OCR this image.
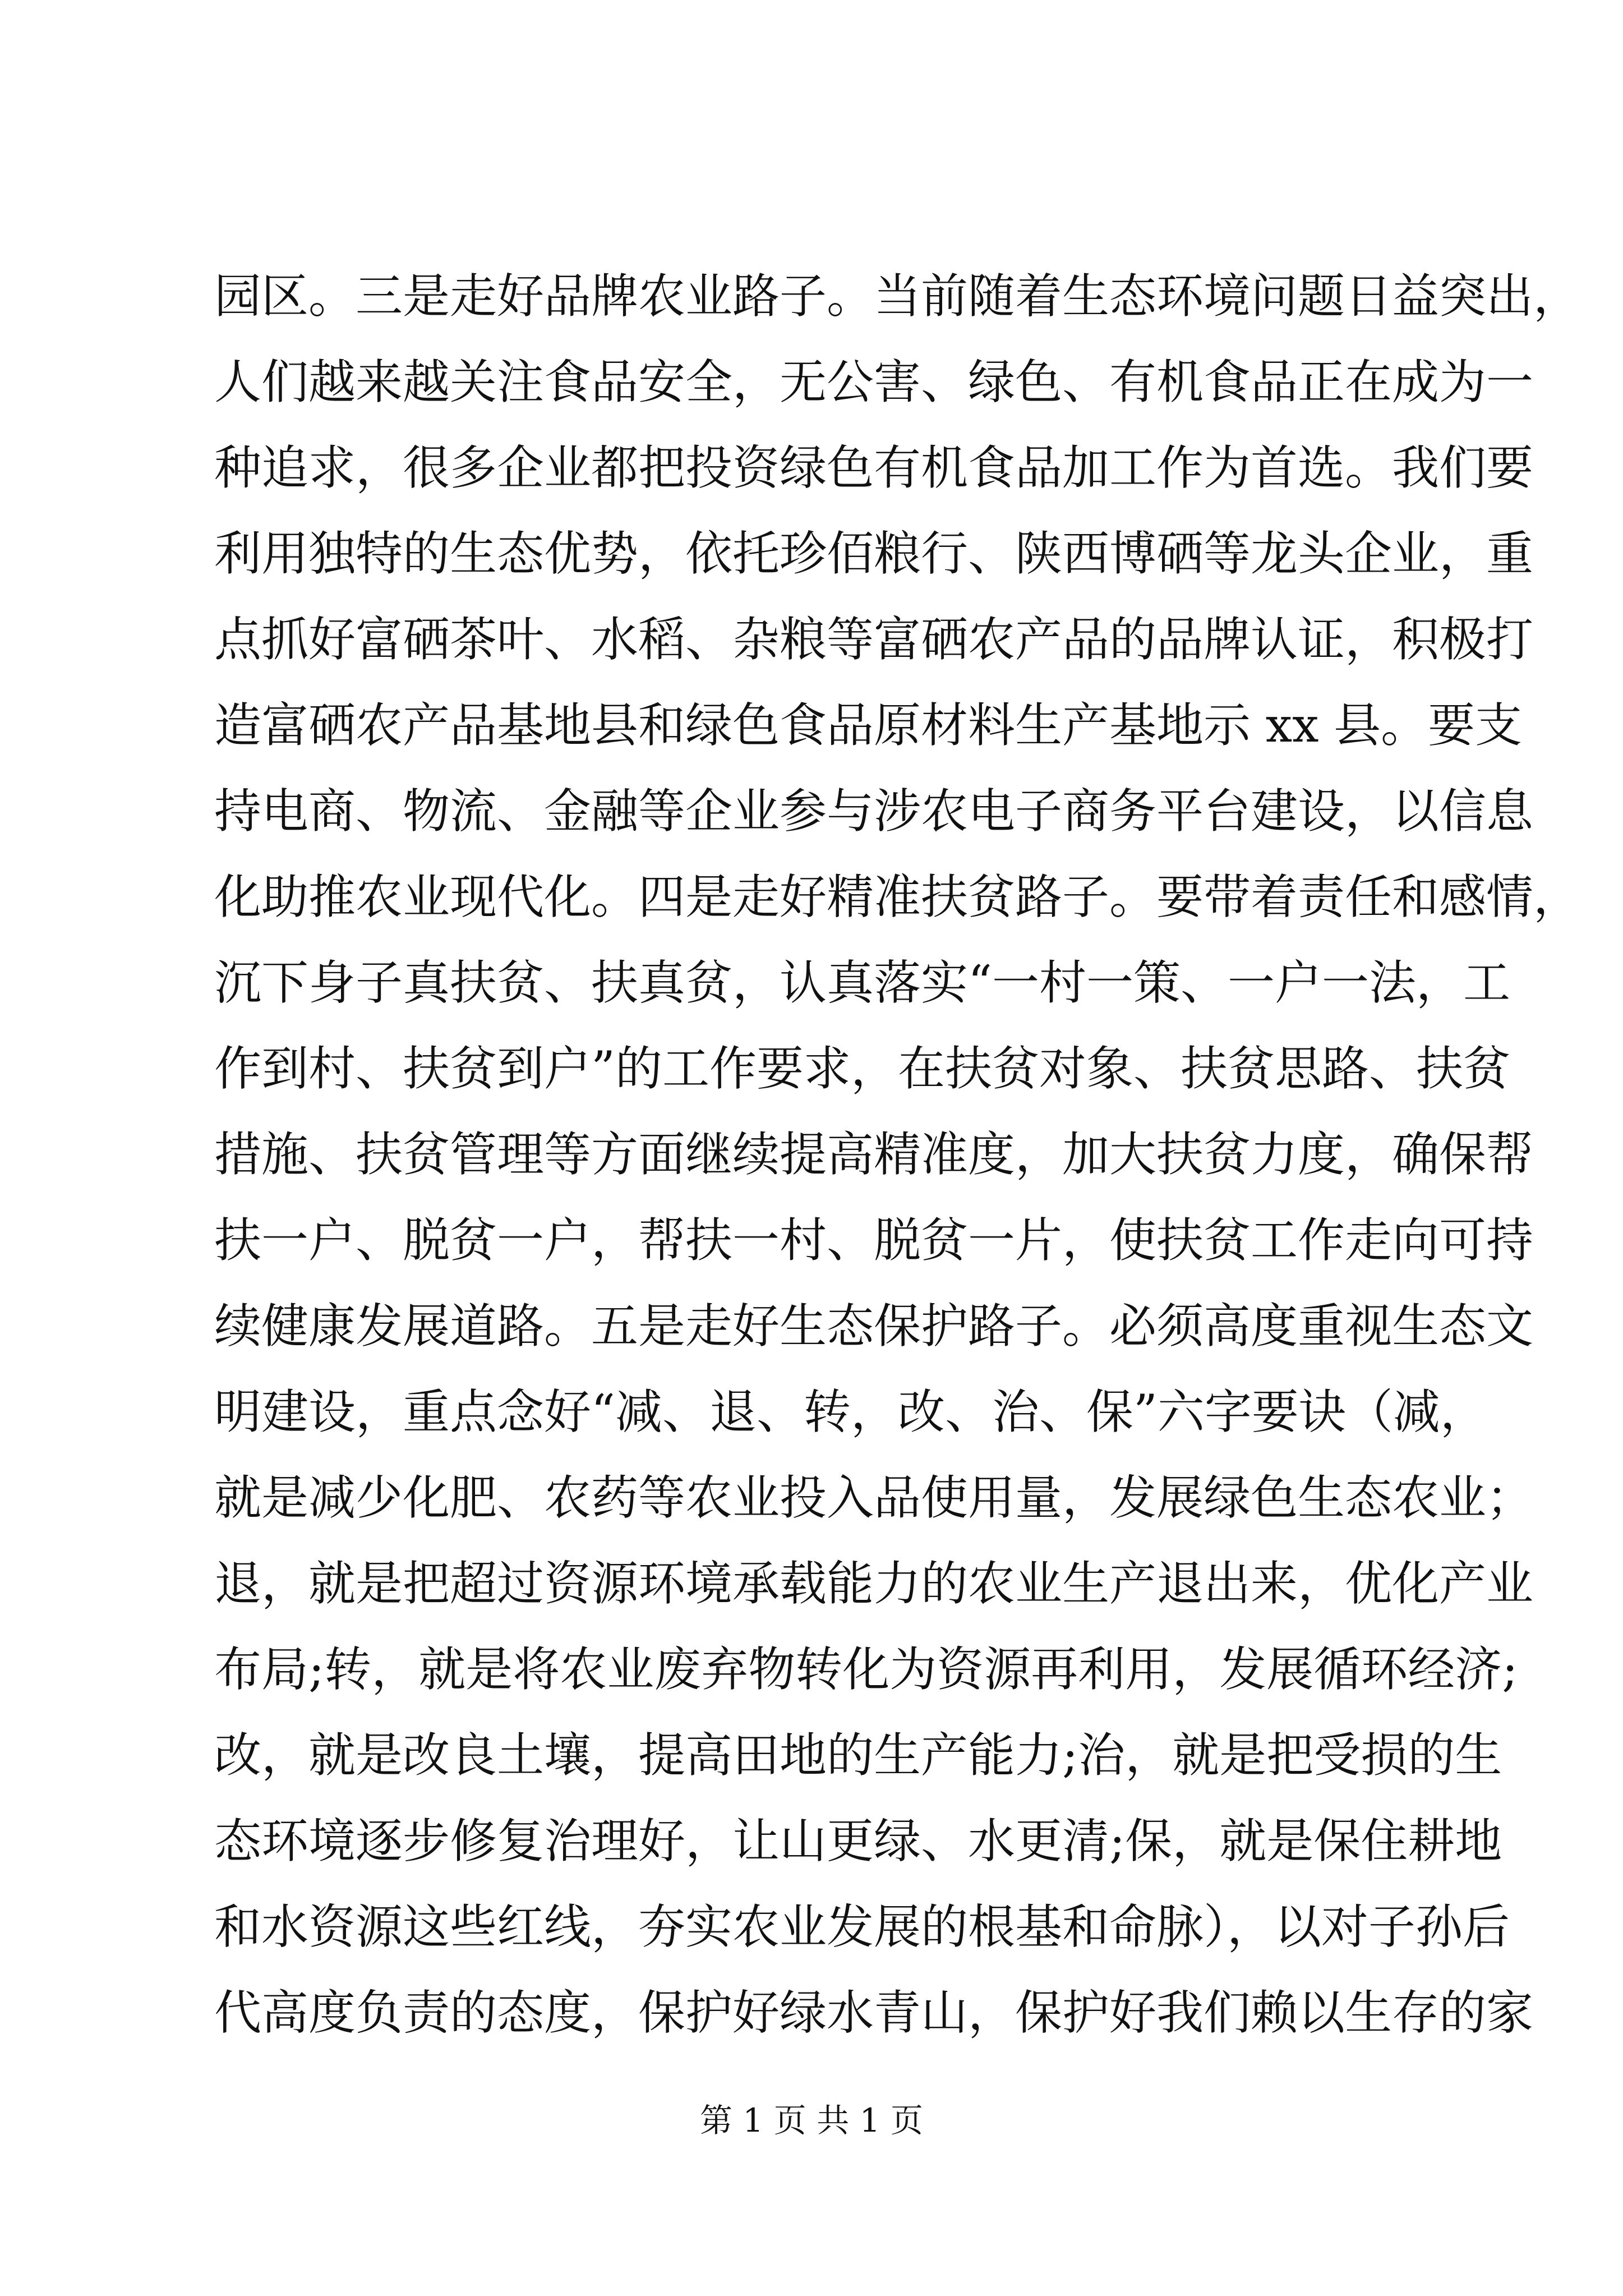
园区。三是走好品牌农业路子。当前随着生态环境问题日益突出，
人们越来越关注食品安全，无公害、绿色、有机食品正在成为一
种追求，很多企业都把投资绿色有机食品加工作为首选。我们要
利用独特的生态优势，依托珍佰粮行、陕西博硒等龙头企业，重
点抓好富硒茶叶、水稻、杂粮等富硒农产品的品牌认证，积极打
造富硒农产品基地县和绿色食品原材料生产基地示 xx 县。要支
持电商、物流、金融等企业参与涉农电子商务平台建设，以信息
化助推农业现代化。四是走好精准扶贫路子。要带着责任和感情，
沉下身子真扶贫、扶真贫，认真落实“一村一策、一户一法，工
作到村、扶贫到户”的工作要求，在扶贫对象、扶贫思路、扶贫
措施、扶贫管理等方面继续提高精准度，加大扶贫力度，确保帮
扶一户、脱贫一户，帮扶一村、脱贫一片，使扶贫工作走向可持
续健康发展道路。五是走好生态保护路子。必须高度重视生态文
明建设，重点念好“减、退、转，改、治、保”六字要诀（减，
就是减少化肥、农药等农业投入品使用量，发展绿色生态农业；
退，就是把超过资源环境承载能力的农业生产退出来，优化产业
布局;转，就是将农业废弃物转化为资源再利用，发展循环经济;
改，就是改良土壤，提高田地的生产能力;治，就是把受损的生
态环境逐步修复治理好，让山更绿、水更清;保，就是保住耕地
和水资源这些红线，夯实农业发展的根基和命脉），以对子孙后
代高度负责的态度，保护好绿水青山，保护好我们赖以生存的家
第 1 页 共 1 页
